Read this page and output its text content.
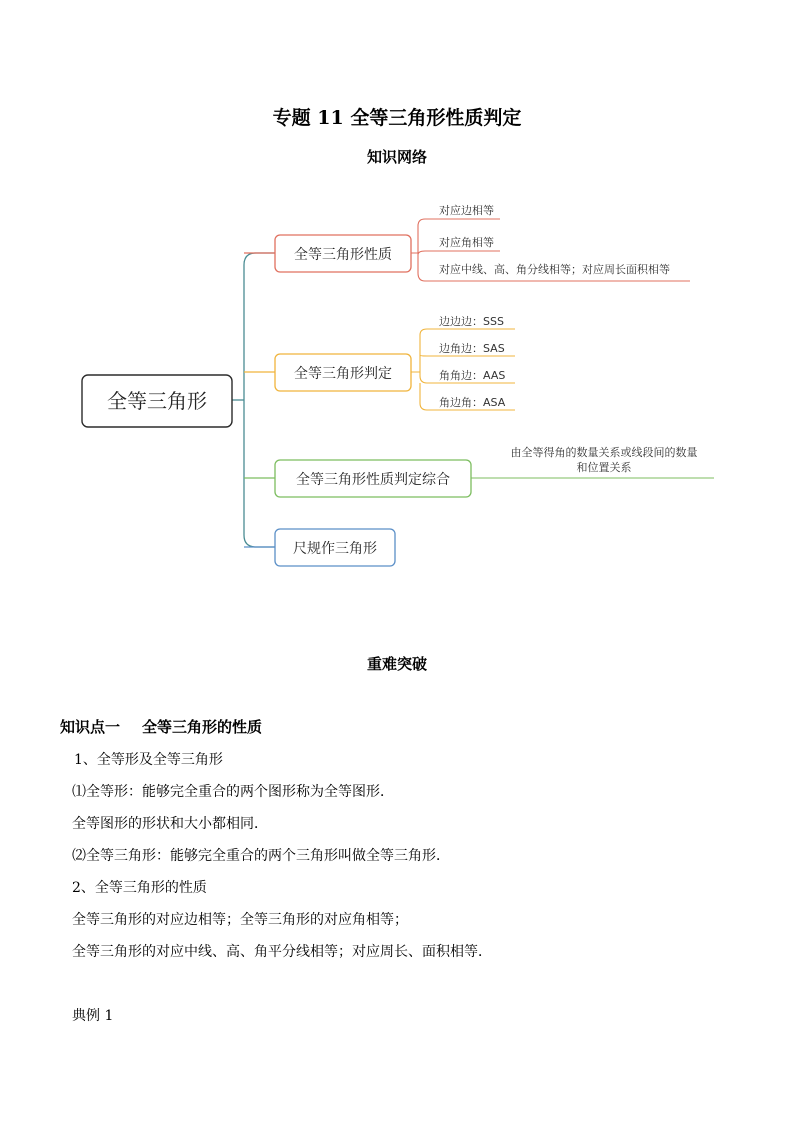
专题 11 全等三角形性质判定
知识网络
全等三角形
全等三角形性质
对应边相等
对应角相等
对应中线、高、角分线相等；对应周长面积相等
全等三角形判定
边边边：SSS
边角边：SAS
角角边：AAS
角边角：ASA
全等三角形性质判定综合
由全等得角的数量关系或线段间的数量
和位置关系
尺规作三角形
重难突破
知识点一 全等三角形的性质
1、全等形及全等三角形
⑴全等形：能够完全重合的两个图形称为全等图形．
全等图形的形状和大小都相同．
⑵全等三角形：能够完全重合的两个三角形叫做全等三角形．
2、全等三角形的性质
全等三角形的对应边相等；全等三角形的对应角相等；
全等三角形的对应中线、高、角平分线相等；对应周长、面积相等．
典例 1
